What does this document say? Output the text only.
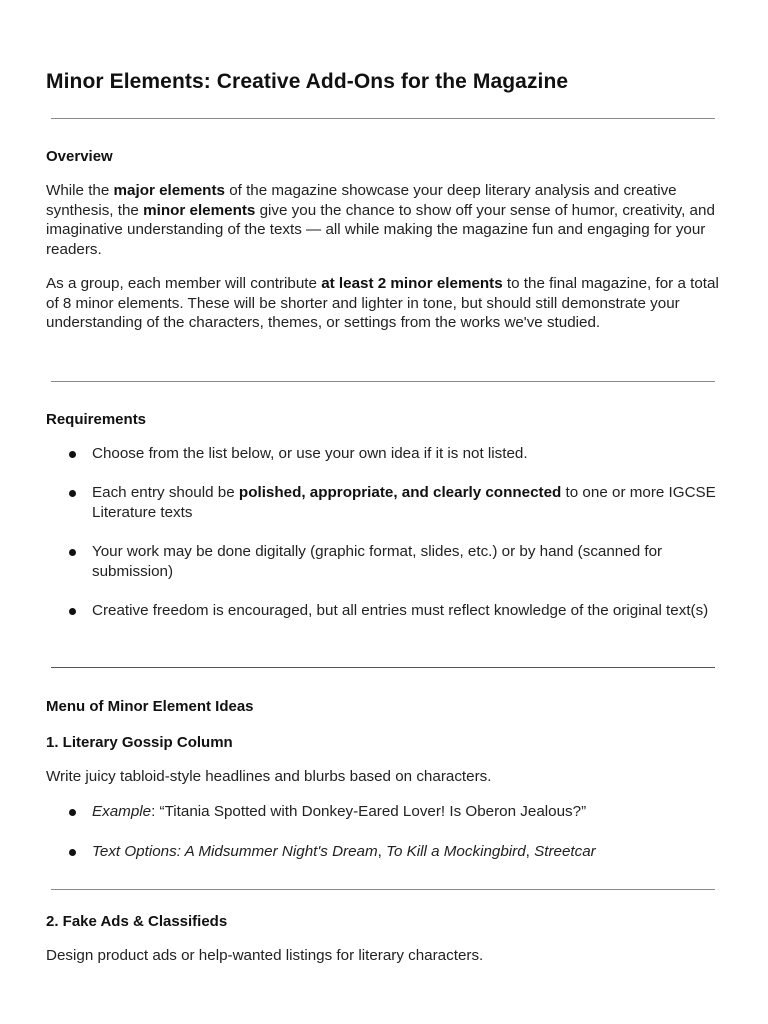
Minor Elements: Creative Add-Ons for the Magazine
Overview

While the major elements of the magazine showcase your deep literary analysis and creative synthesis, the minor elements give you the chance to show off your sense of humor, creativity, and imaginative understanding of the texts — all while making the magazine fun and engaging for your readers.

As a group, each member will contribute at least 2 minor elements to the final magazine, for a total of 8 minor elements. These will be shorter and lighter in tone, but should still demonstrate your understanding of the characters, themes, or settings from the works we've studied.

Requirements
Choose from the list below, or use your own idea if it is not listed.
Each entry should be polished, appropriate, and clearly connected to one or more IGCSE Literature texts
Your work may be done digitally (graphic format, slides, etc.) or by hand (scanned for submission)
Creative freedom is encouraged, but all entries must reflect knowledge of the original text(s)
Menu of Minor Element Ideas
1. Literary Gossip Column

Write juicy tabloid-style headlines and blurbs based on characters.

Example: “Titania Spotted with Donkey-Eared Lover! Is Oberon Jealous?”
Text Options: A Midsummer Night's Dream, To Kill a Mockingbird, Streetcar
2. Fake Ads & Classifieds

Design product ads or help-wanted listings for literary characters.
